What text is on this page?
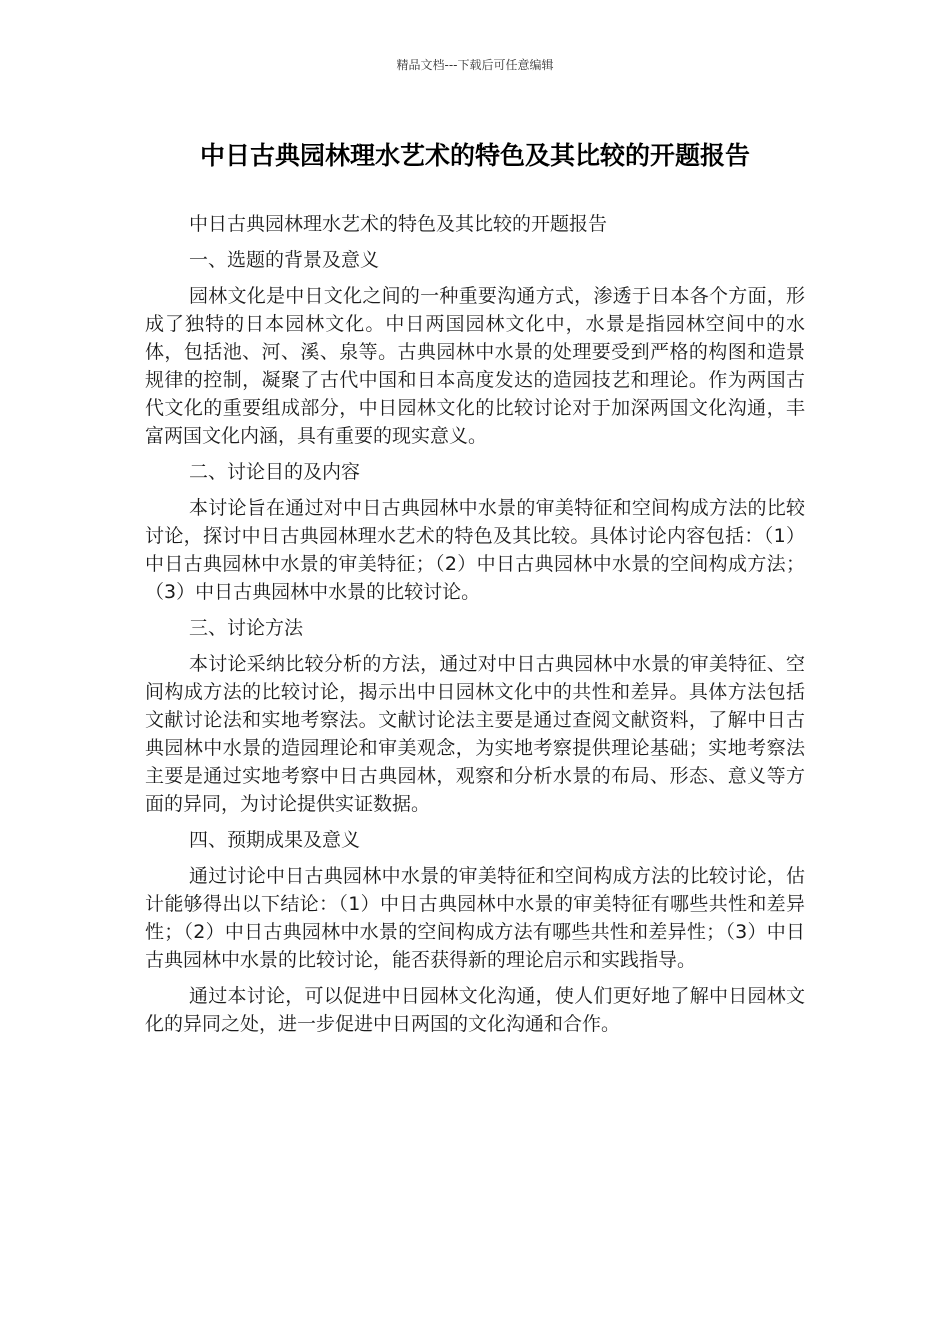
精品文档---下载后可任意编辑
中日古典园林理水艺术的特色及其比较的开题报告
中日古典园林理水艺术的特色及其比较的开题报告
一、选题的背景及意义
园林文化是中日文化之间的一种重要沟通方式，渗透于日本各个方面，形成了独特的日本园林文化。中日两国园林文化中，水景是指园林空间中的水体，包括池、河、溪、泉等。古典园林中水景的处理要受到严格的构图和造景规律的控制，凝聚了古代中国和日本高度发达的造园技艺和理论。作为两国古代文化的重要组成部分，中日园林文化的比较讨论对于加深两国文化沟通，丰富两国文化内涵，具有重要的现实意义。
二、讨论目的及内容
本讨论旨在通过对中日古典园林中水景的审美特征和空间构成方法的比较讨论，探讨中日古典园林理水艺术的特色及其比较。具体讨论内容包括：（1）中日古典园林中水景的审美特征；（2）中日古典园林中水景的空间构成方法；（3）中日古典园林中水景的比较讨论。
三、讨论方法
本讨论采纳比较分析的方法，通过对中日古典园林中水景的审美特征、空间构成方法的比较讨论，揭示出中日园林文化中的共性和差异。具体方法包括文献讨论法和实地考察法。文献讨论法主要是通过查阅文献资料，了解中日古典园林中水景的造园理论和审美观念，为实地考察提供理论基础；实地考察法主要是通过实地考察中日古典园林，观察和分析水景的布局、形态、意义等方面的异同，为讨论提供实证数据。
四、预期成果及意义
通过讨论中日古典园林中水景的审美特征和空间构成方法的比较讨论，估计能够得出以下结论：（1）中日古典园林中水景的审美特征有哪些共性和差异性；（2）中日古典园林中水景的空间构成方法有哪些共性和差异性；（3）中日古典园林中水景的比较讨论，能否获得新的理论启示和实践指导。
通过本讨论，可以促进中日园林文化沟通，使人们更好地了解中日园林文化的异同之处，进一步促进中日两国的文化沟通和合作。
